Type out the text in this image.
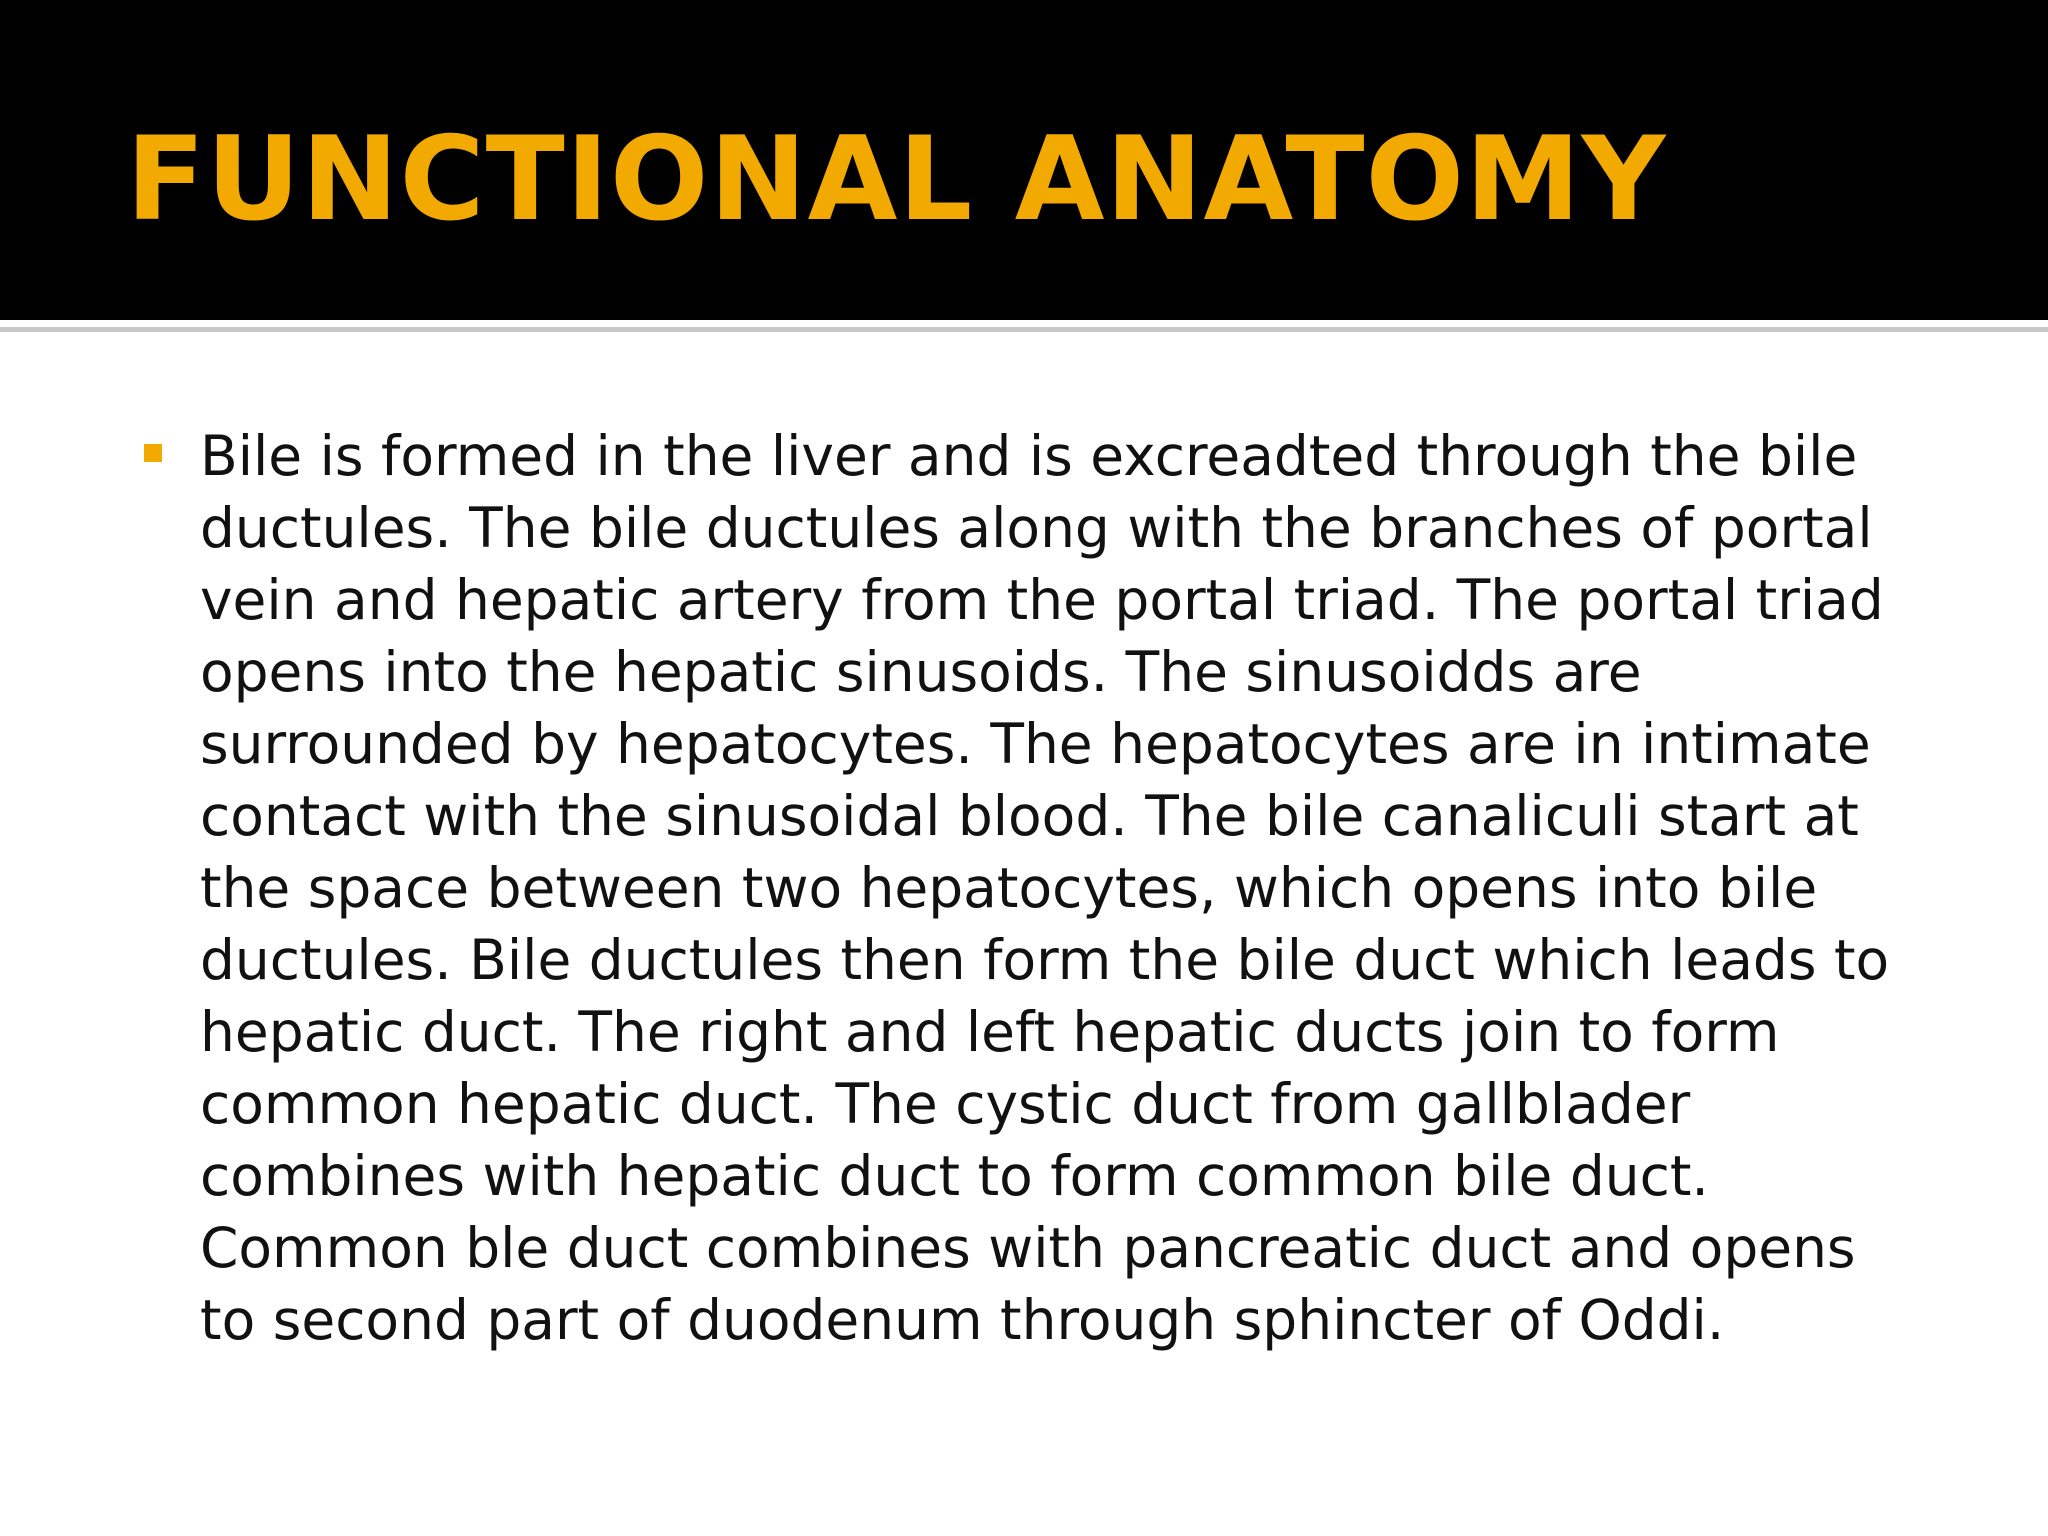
FUNCTIONAL ANATOMY

Bile is formed in the liver and is excreadted through the bile
ductules. The bile ductules along with the branches of portal
vein and hepatic artery from the portal triad. The portal triad
opens into the hepatic sinusoids. The sinusoidds are
surrounded by hepatocytes. The hepatocytes are in intimate
contact with the sinusoidal blood. The bile canaliculi start at
the space between two hepatocytes, which opens into bile
ductules. Bile ductules then form the bile duct which leads to
hepatic duct. The right and left hepatic ducts join to form
common hepatic duct. The cystic duct from gallblader
combines with hepatic duct to form common bile duct.
Common ble duct combines with pancreatic duct and opens
to second part of duodenum through sphincter of Oddi.
